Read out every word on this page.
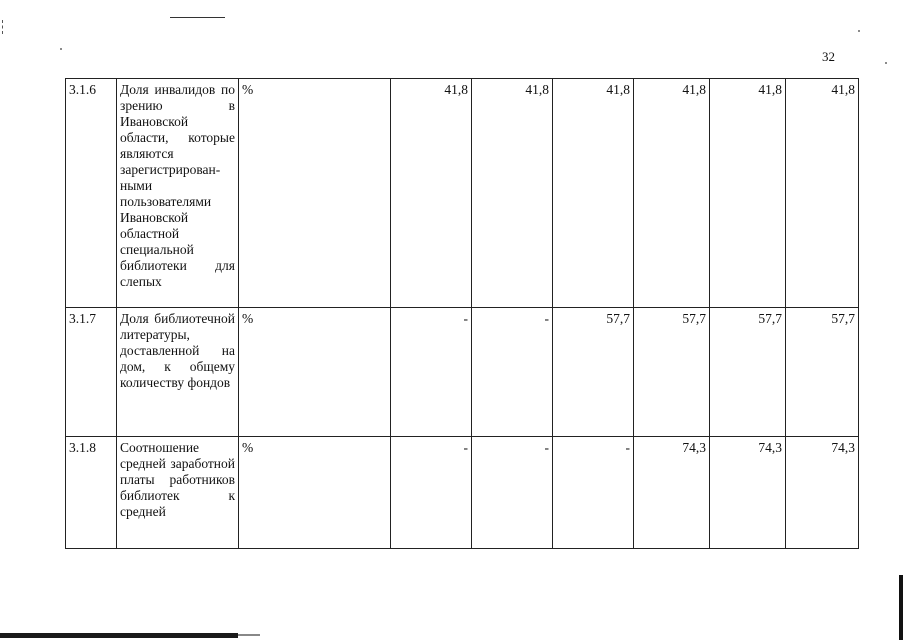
32
3.1.6	Доля инвалидов по зрению в Ивановской области, которые являются зарегистрирован-ными пользователями Ивановской областной специальной библиотеки для слепых	%	41,8	41,8	41,8	41,8	41,8	41,8
3.1.7	Доля библиотечной литературы, доставленной на дом, к общему количеству фондов	%	-	-	57,7	57,7	57,7	57,7
3.1.8	Соотношение средней заработной платы работников библиотек к средней	%	-	-	-	74,3	74,3	74,3
